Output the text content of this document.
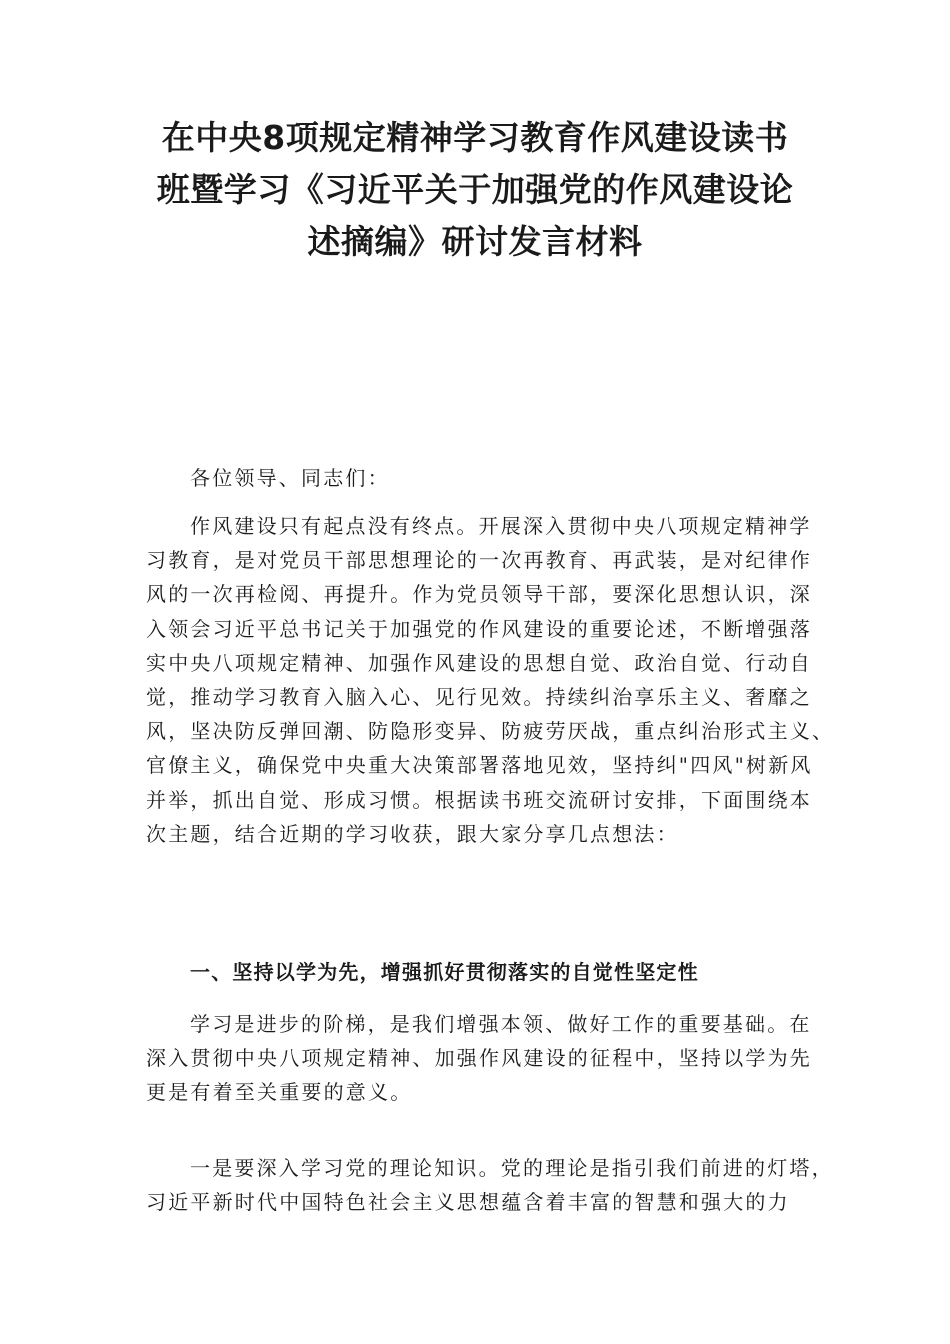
在中央8项规定精神学习教育作风建设读书
班暨学习《习近平关于加强党的作风建设论
述摘编》研讨发言材料

各位领导、同志们：

作风建设只有起点没有终点。开展深入贯彻中央八项规定精神学
习教育，是对党员干部思想理论的一次再教育、再武装，是对纪律作
风的一次再检阅、再提升。作为党员领导干部，要深化思想认识，深
入领会习近平总书记关于加强党的作风建设的重要论述，不断增强落
实中央八项规定精神、加强作风建设的思想自觉、政治自觉、行动自
觉，推动学习教育入脑入心、见行见效。持续纠治享乐主义、奢靡之
风，坚决防反弹回潮、防隐形变异、防疲劳厌战，重点纠治形式主义、
官僚主义，确保党中央重大决策部署落地见效，坚持纠"四风"树新风
并举，抓出自觉、形成习惯。根据读书班交流研讨安排，下面围绕本
次主题，结合近期的学习收获，跟大家分享几点想法：

一、坚持以学为先，增强抓好贯彻落实的自觉性坚定性

学习是进步的阶梯，是我们增强本领、做好工作的重要基础。在
深入贯彻中央八项规定精神、加强作风建设的征程中，坚持以学为先
更是有着至关重要的意义。

一是要深入学习党的理论知识。党的理论是指引我们前进的灯塔，
习近平新时代中国特色社会主义思想蕴含着丰富的智慧和强大的力
